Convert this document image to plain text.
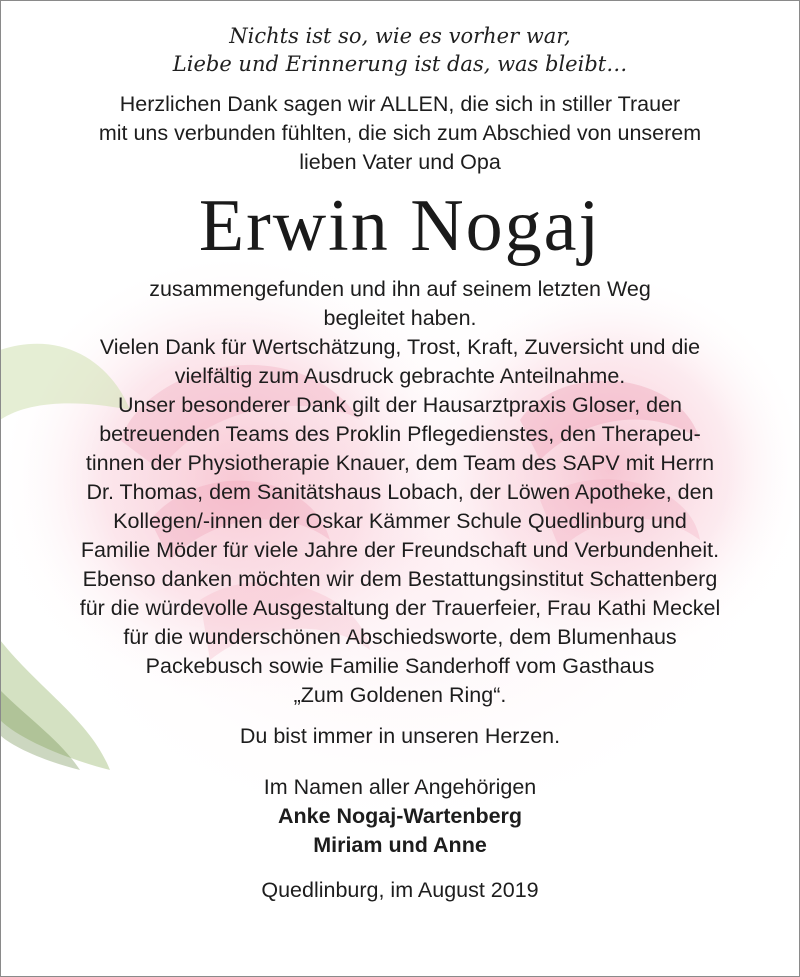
Nichts ist so, wie es vorher war,
Liebe und Erinnerung ist das, was bleibt…
Herzlichen Dank sagen wir ALLEN, die sich in stiller Trauer
mit uns verbunden fühlten, die sich zum Abschied von unserem
lieben Vater und Opa
Erwin Nogaj
zusammengefunden und ihn auf seinem letzten Weg
begleitet haben.
Vielen Dank für Wertschätzung, Trost, Kraft, Zuversicht und die
vielfältig zum Ausdruck gebrachte Anteilnahme.
Unser besonderer Dank gilt der Hausarztpraxis Gloser, den
betreuenden Teams des Proklin Pflegedienstes, den Therapeu-
tinnen der Physiotherapie Knauer, dem Team des SAPV mit Herrn
Dr. Thomas, dem Sanitätshaus Lobach, der Löwen Apotheke, den
Kollegen/-innen der Oskar Kämmer Schule Quedlinburg und
Familie Möder für viele Jahre der Freundschaft und Verbundenheit.
Ebenso danken möchten wir dem Bestattungsinstitut Schattenberg
für die würdevolle Ausgestaltung der Trauerfeier, Frau Kathi Meckel
für die wunderschönen Abschiedsworte, dem Blumenhaus
Packebusch sowie Familie Sanderhoff vom Gasthaus
„Zum Goldenen Ring“.
Du bist immer in unseren Herzen.
Im Namen aller Angehörigen
Anke Nogaj-Wartenberg
Miriam und Anne
Quedlinburg, im August 2019
